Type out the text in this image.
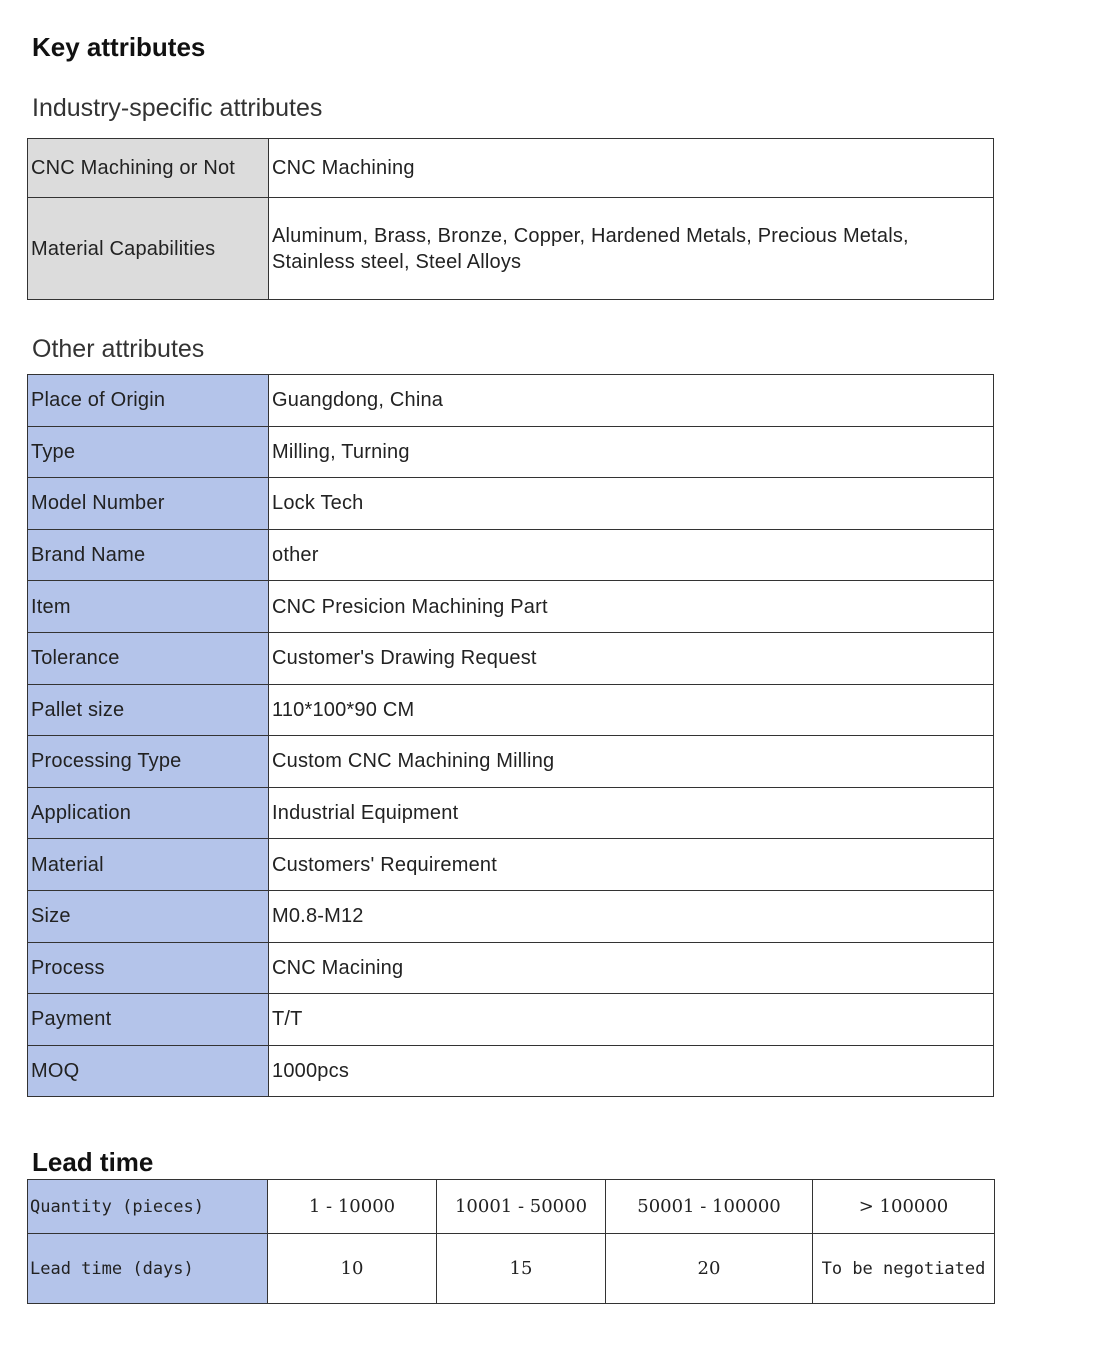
Key attributes
Industry-specific attributes
CNC Machining or Not	CNC Machining
Material Capabilities	Aluminum, Brass, Bronze, Copper, Hardened Metals, Precious Metals, Stainless steel, Steel Alloys
Other attributes
Place of Origin	Guangdong, China
Type	Milling, Turning
Model Number	Lock Tech
Brand Name	other
Item	CNC Presicion Machining Part
Tolerance	Customer's Drawing Request
Pallet size	110*100*90 CM
Processing Type	Custom CNC Machining Milling
Application	Industrial Equipment
Material	Customers' Requirement
Size	M0.8-M12
Process	CNC Macining
Payment	T/T
MOQ	1000pcs
Lead time
Quantity (pieces)	1 - 10000	10001 - 50000	50001 - 100000	> 100000
Lead time (days)	10	15	20	To be negotiated
